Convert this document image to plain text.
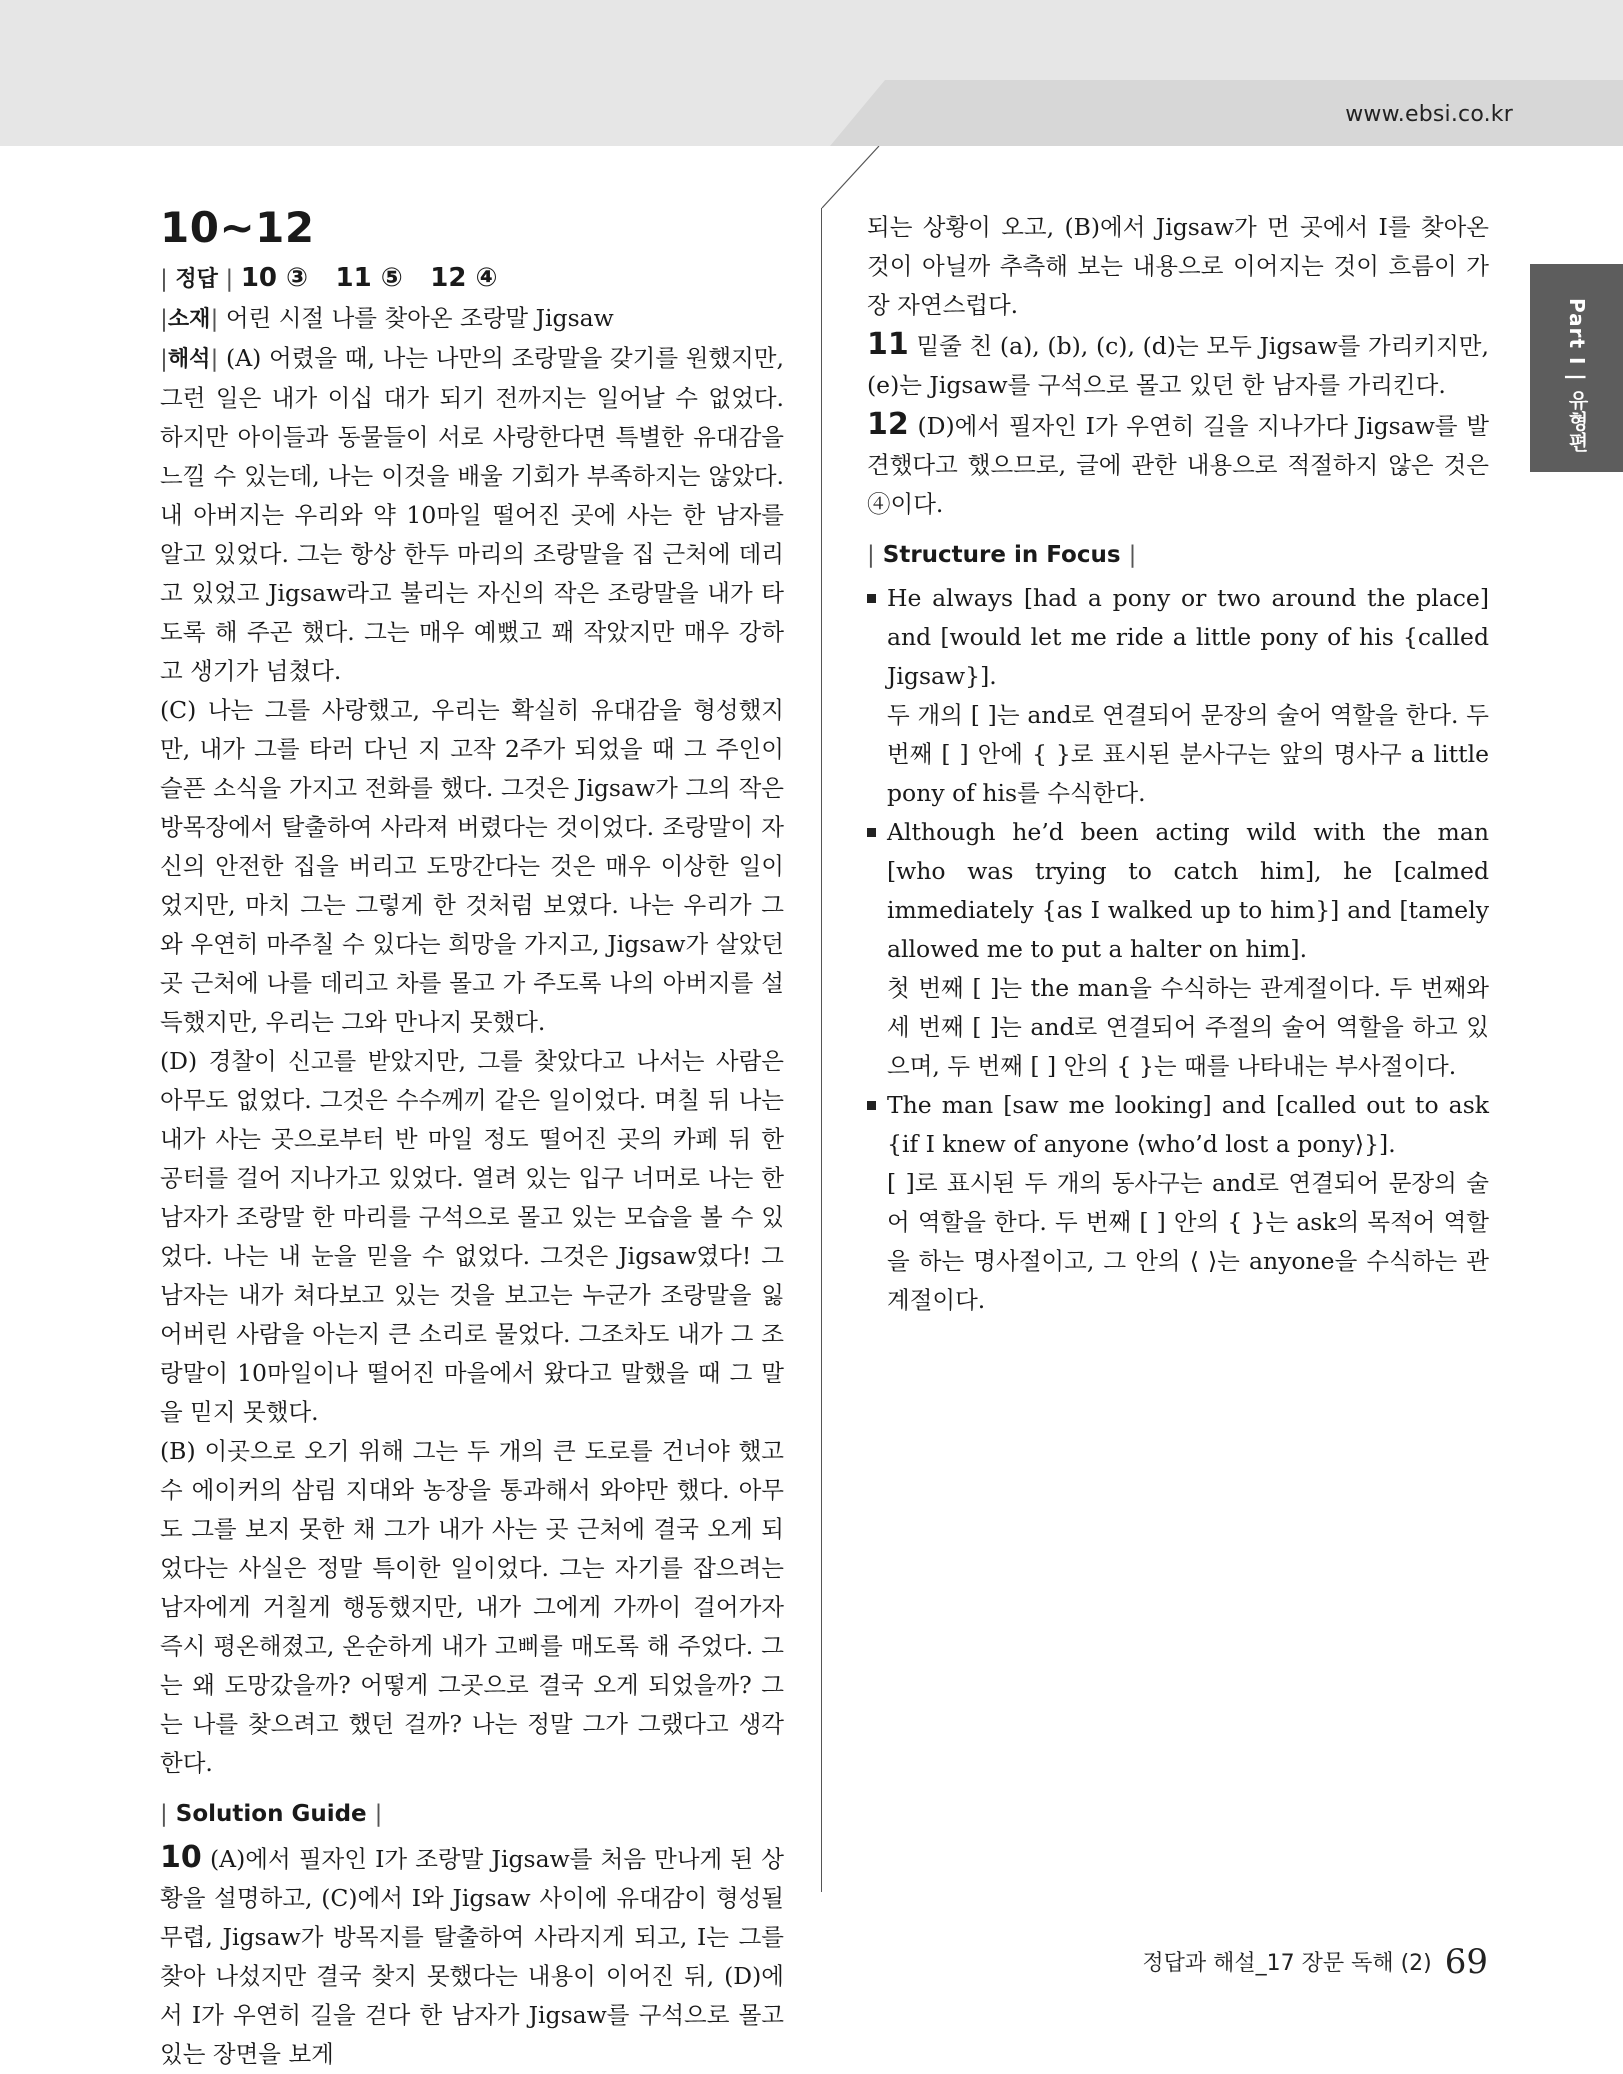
www.ebsi.co.kr
Part I | 유형편
10~12
| 정답 | 10 ③ 11 ⑤ 12 ④

|소재| 어린 시절 나를 찾아온 조랑말 Jigsaw

|해석| (A) 어렸을 때, 나는 나만의 조랑말을 갖기를 원했지만, 그런 일은 내가 이십 대가 되기 전까지는 일어날 수 없었다. 하지만 아이들과 동물들이 서로 사랑한다면 특별한 유대감을 느낄 수 있는데, 나는 이것을 배울 기회가 부족하지는 않았다. 내 아버지는 우리와 약 10마일 떨어진 곳에 사는 한 남자를 알고 있었다. 그는 항상 한두 마리의 조랑말을 집 근처에 데리고 있었고 Jigsaw라고 불리는 자신의 작은 조랑말을 내가 타도록 해 주곤 했다. 그는 매우 예뻤고 꽤 작았지만 매우 강하고 생기가 넘쳤다.

(C) 나는 그를 사랑했고, 우리는 확실히 유대감을 형성했지만, 내가 그를 타러 다닌 지 고작 2주가 되었을 때 그 주인이 슬픈 소식을 가지고 전화를 했다. 그것은 Jigsaw가 그의 작은 방목장에서 탈출하여 사라져 버렸다는 것이었다. 조랑말이 자신의 안전한 집을 버리고 도망간다는 것은 매우 이상한 일이었지만, 마치 그는 그렇게 한 것처럼 보였다. 나는 우리가 그와 우연히 마주칠 수 있다는 희망을 가지고, Jigsaw가 살았던 곳 근처에 나를 데리고 차를 몰고 가 주도록 나의 아버지를 설득했지만, 우리는 그와 만나지 못했다.

(D) 경찰이 신고를 받았지만, 그를 찾았다고 나서는 사람은 아무도 없었다. 그것은 수수께끼 같은 일이었다. 며칠 뒤 나는 내가 사는 곳으로부터 반 마일 정도 떨어진 곳의 카페 뒤 한 공터를 걸어 지나가고 있었다. 열려 있는 입구 너머로 나는 한 남자가 조랑말 한 마리를 구석으로 몰고 있는 모습을 볼 수 있었다. 나는 내 눈을 믿을 수 없었다. 그것은 Jigsaw였다! 그 남자는 내가 쳐다보고 있는 것을 보고는 누군가 조랑말을 잃어버린 사람을 아는지 큰 소리로 물었다. 그조차도 내가 그 조랑말이 10마일이나 떨어진 마을에서 왔다고 말했을 때 그 말을 믿지 못했다.

(B) 이곳으로 오기 위해 그는 두 개의 큰 도로를 건너야 했고 수 에이커의 삼림 지대와 농장을 통과해서 와야만 했다. 아무도 그를 보지 못한 채 그가 내가 사는 곳 근처에 결국 오게 되었다는 사실은 정말 특이한 일이었다. 그는 자기를 잡으려는 남자에게 거칠게 행동했지만, 내가 그에게 가까이 걸어가자 즉시 평온해졌고, 온순하게 내가 고삐를 매도록 해 주었다. 그는 왜 도망갔을까? 어떻게 그곳으로 결국 오게 되었을까? 그는 나를 찾으려고 했던 걸까? 나는 정말 그가 그랬다고 생각한다.

| Solution Guide |

10 (A)에서 필자인 I가 조랑말 Jigsaw를 처음 만나게 된 상황을 설명하고, (C)에서 I와 Jigsaw 사이에 유대감이 형성될 무렵, Jigsaw가 방목지를 탈출하여 사라지게 되고, I는 그를 찾아 나섰지만 결국 찾지 못했다는 내용이 이어진 뒤, (D)에서 I가 우연히 길을 걷다 한 남자가 Jigsaw를 구석으로 몰고 있는 장면을 보게

되는 상황이 오고, (B)에서 Jigsaw가 먼 곳에서 I를 찾아온 것이 아닐까 추측해 보는 내용으로 이어지는 것이 흐름이 가장 자연스럽다.

11 밑줄 친 (a), (b), (c), (d)는 모두 Jigsaw를 가리키지만, (e)는 Jigsaw를 구석으로 몰고 있던 한 남자를 가리킨다.

12 (D)에서 필자인 I가 우연히 길을 지나가다 Jigsaw를 발견했다고 했으므로, 글에 관한 내용으로 적절하지 않은 것은 ④이다.

| Structure in Focus |

He always [had a pony or two around the place] and [would let me ride a little pony of his {called Jigsaw}].

두 개의 [ ]는 and로 연결되어 문장의 술어 역할을 한다. 두 번째 [ ] 안에 { }로 표시된 분사구는 앞의 명사구 a little pony of his를 수식한다.

Although he’d been acting wild with the man [who was trying to catch him], he [calmed immediately {as I walked up to him}] and [tamely allowed me to put a halter on him].

첫 번째 [ ]는 the man을 수식하는 관계절이다. 두 번째와 세 번째 [ ]는 and로 연결되어 주절의 술어 역할을 하고 있으며, 두 번째 [ ] 안의 { }는 때를 나타내는 부사절이다.

The man [saw me looking] and [called out to ask {if I knew of anyone ⟨who’d lost a pony⟩}].

[ ]로 표시된 두 개의 동사구는 and로 연결되어 문장의 술어 역할을 한다. 두 번째 [ ] 안의 { }는 ask의 목적어 역할을 하는 명사절이고, 그 안의 ⟨ ⟩는 anyone을 수식하는 관계절이다.

정답과 해설_17 장문 독해 (2) 69
